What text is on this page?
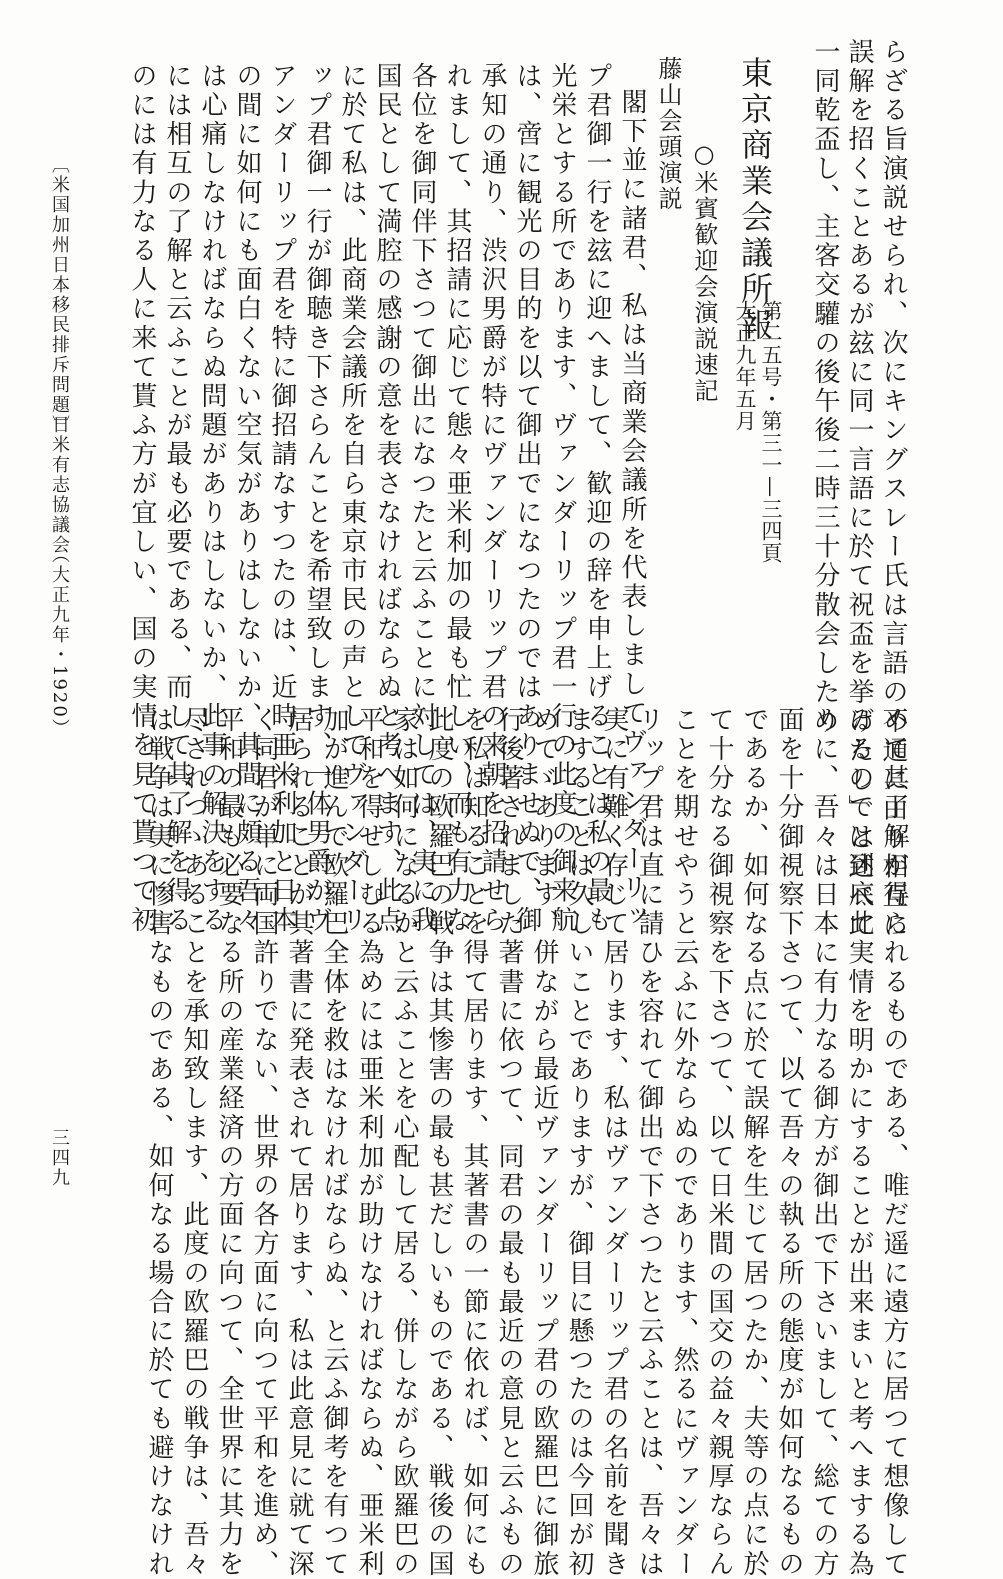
らざる旨演説せられ、次にキングスレー氏は言語の不通に由り相互に
誤解を招くことあるが玆に同一言語に於て祝盃を挙げたし」と述べて
一同乾盃し、主客交驩の後午後二時三十分散会したり
東京商業会議所報
第二五号・第三一—三四頁
大正九年五月
○米賓歓迎会演説速記
藤山会頭演説
閣下並に諸君、私は当商業会議所を代表しましてヴァンダーリッ
プ君御一行を玆に迎へまして、歓迎の辞を申上げることは私の最も
光栄とする所であります、ヴァンダーリップ君一行の此度の御来航
は、啻に観光の目的を以て御出でになつたのではありませぬで、御
承知の通り、渋沢男爵が特にヴァンダーリップ君の来朝を招請せら
れまして、其招請に応じて態々亜米利加の最も忙しい、而も有力な
各位を御同伴下さつて御出になつたと云ふことに対しては、実に我
国民として満腔の感謝の意を表さなければならぬと考へます、此点
に於て私は、此商業会議所を自ら東京市民の声としてヴァンダーリ
ップ君御一行が御聴き下さらんことを希望致します、一体男爵がヴ
アンダーリップ君を特に御招請なすつたのは、近時亜米利加と日本
の間に如何にも面白くない空気がありはしないか、其間に頗る吾々
は心痛しなければならぬ問題がありはしないか、此事の解決をする
には相互の了解と云ふことが最も必要である、而して其了解を得る
のには有力なる人に来て貰ふ方が宜しい、国の実情を見て貰つて初
めて其了解が得られるものである、唯だ遥に遠方に居つて想像して
ゐるのでは到底此実情を明かにすることが出来まいと考へまする為
めに、吾々は日本に有力なる御方が御出で下さいまして、総ての方
面を十分御視察下さつて、以て吾々の執る所の態度が如何なるもの
であるか、如何なる点に於て誤解を生じて居つたか、夫等の点に於
て十分なる御視察を下さつて、以て日米間の国交の益々親厚ならん
ことを期せやうと云ふに外ならぬのであります、然るにヴァンダー
リップ君は直に請ひを容れて御出で下さつたと云ふことは、吾々は
実に有難く存じて居ります、私はヴァンダーリップ君の名前を聞き
ますることは久しいことでありますが、御目に懸つたのは今回が初
めてゞあります、併ながら最近ヴァンダーリップ君の欧羅巴に御旅
行後著されました著書に依つて、同君の最も最近の意見と云ふもの
を私は知ることを得て居ります、其著書の一節に依れば、如何にも
此度の欧羅巴の戦争は其惨害の最も甚だしいものである、戦後の国
家は如何になるかと云ふことを心配して居る、併しながら欧羅巴の
平和を得せしむる為めには亜米利加が助けなければならぬ、亜米利
加が進んで欧羅巴全体を救はなければならぬ、と云ふ御考を有つて
居られることが其著書に発表されて居ります、私は此意見に就て深
く同君が単に両国許りでない、世界の各方面に向つて平和を進め、
平和の最も必要なる所の産業経済の方面に向つて、全世界に其力を
尽されつゝあることを承知致します、此度の欧羅巴の戦争は、吾々
は戦争は実に惨害なものである、如何なる場合に於ても避けなけれ
〔米国加州日本移民排斥問題〕
日米有志協議会
（大正九年・1920）
三四九
